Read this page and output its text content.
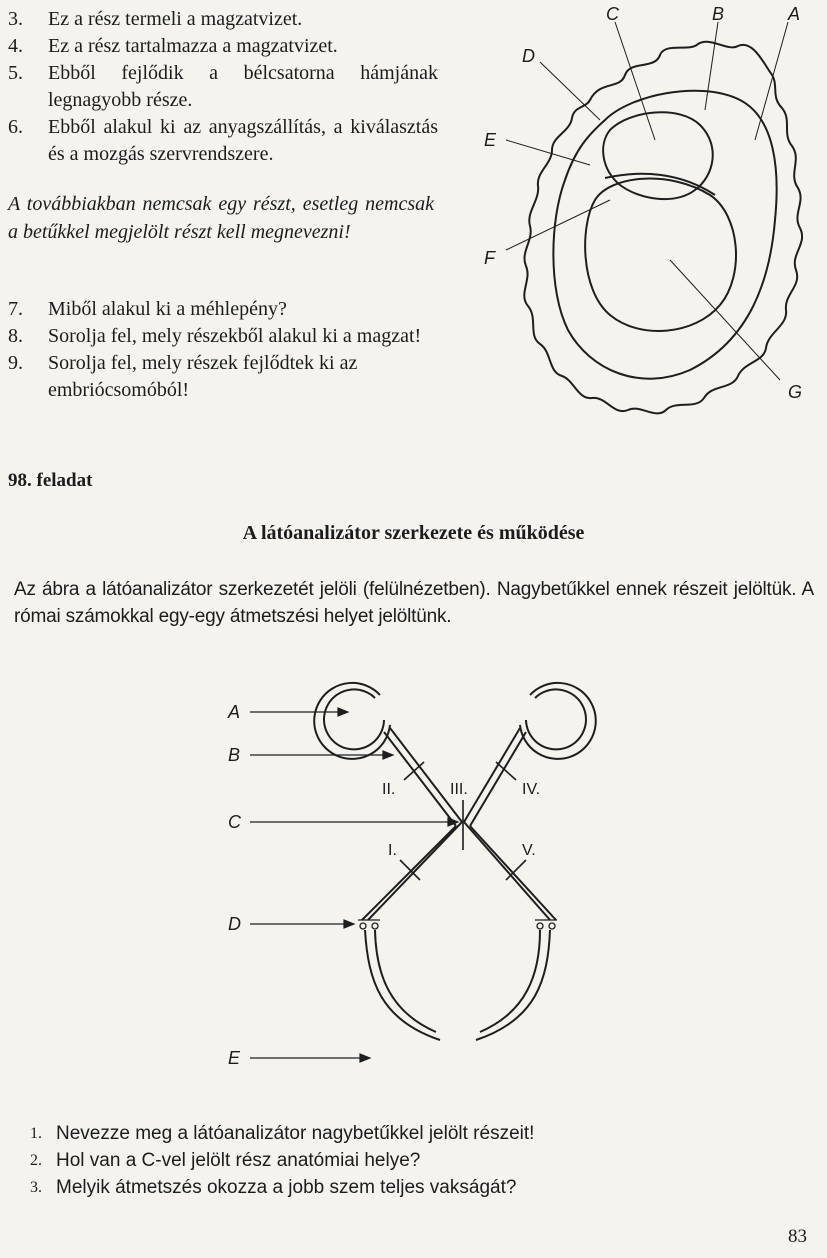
3.	Ez a rész termeli a magzatvizet.
4.	Ez a rész tartalmazza a magzatvizet.
5.	Ebből fejlődik a bélcsatorna hámjának legnagyobb része.
6.	Ebből alakul ki az anyagszállítás, a kiválasztás és a mozgás szervrendszere.

A továbbiakban nemcsak egy részt, esetleg nemcsak a betűkkel megjelölt részt kell megnevezni!

7.	Miből alakul ki a méhlepény?
8.	Sorolja fel, mely részekből alakul ki a magzat!
9.	Sorolja fel, mely részek fejlődtek ki az embriócsomóból!
A
B
C
D
E
F
G

98. feladat

A látóanalizátor szerkezete és működése

Az ábra a látóanalizátor szerkezetét jelöli (felülnézetben). Nagybetűkkel ennek részeit jelöltük. A római számokkal egy-egy átmetszési helyet jelöltünk.

A
B
C
D
E
I.
II.	III.	IV.
V.
1. Nevezze meg a látóanalizátor nagybetűkkel jelölt részeit!
2. Hol van a C-vel jelölt rész anatómiai helye?
3. Melyik átmetszés okozza a jobb szem teljes vakságát?

83
